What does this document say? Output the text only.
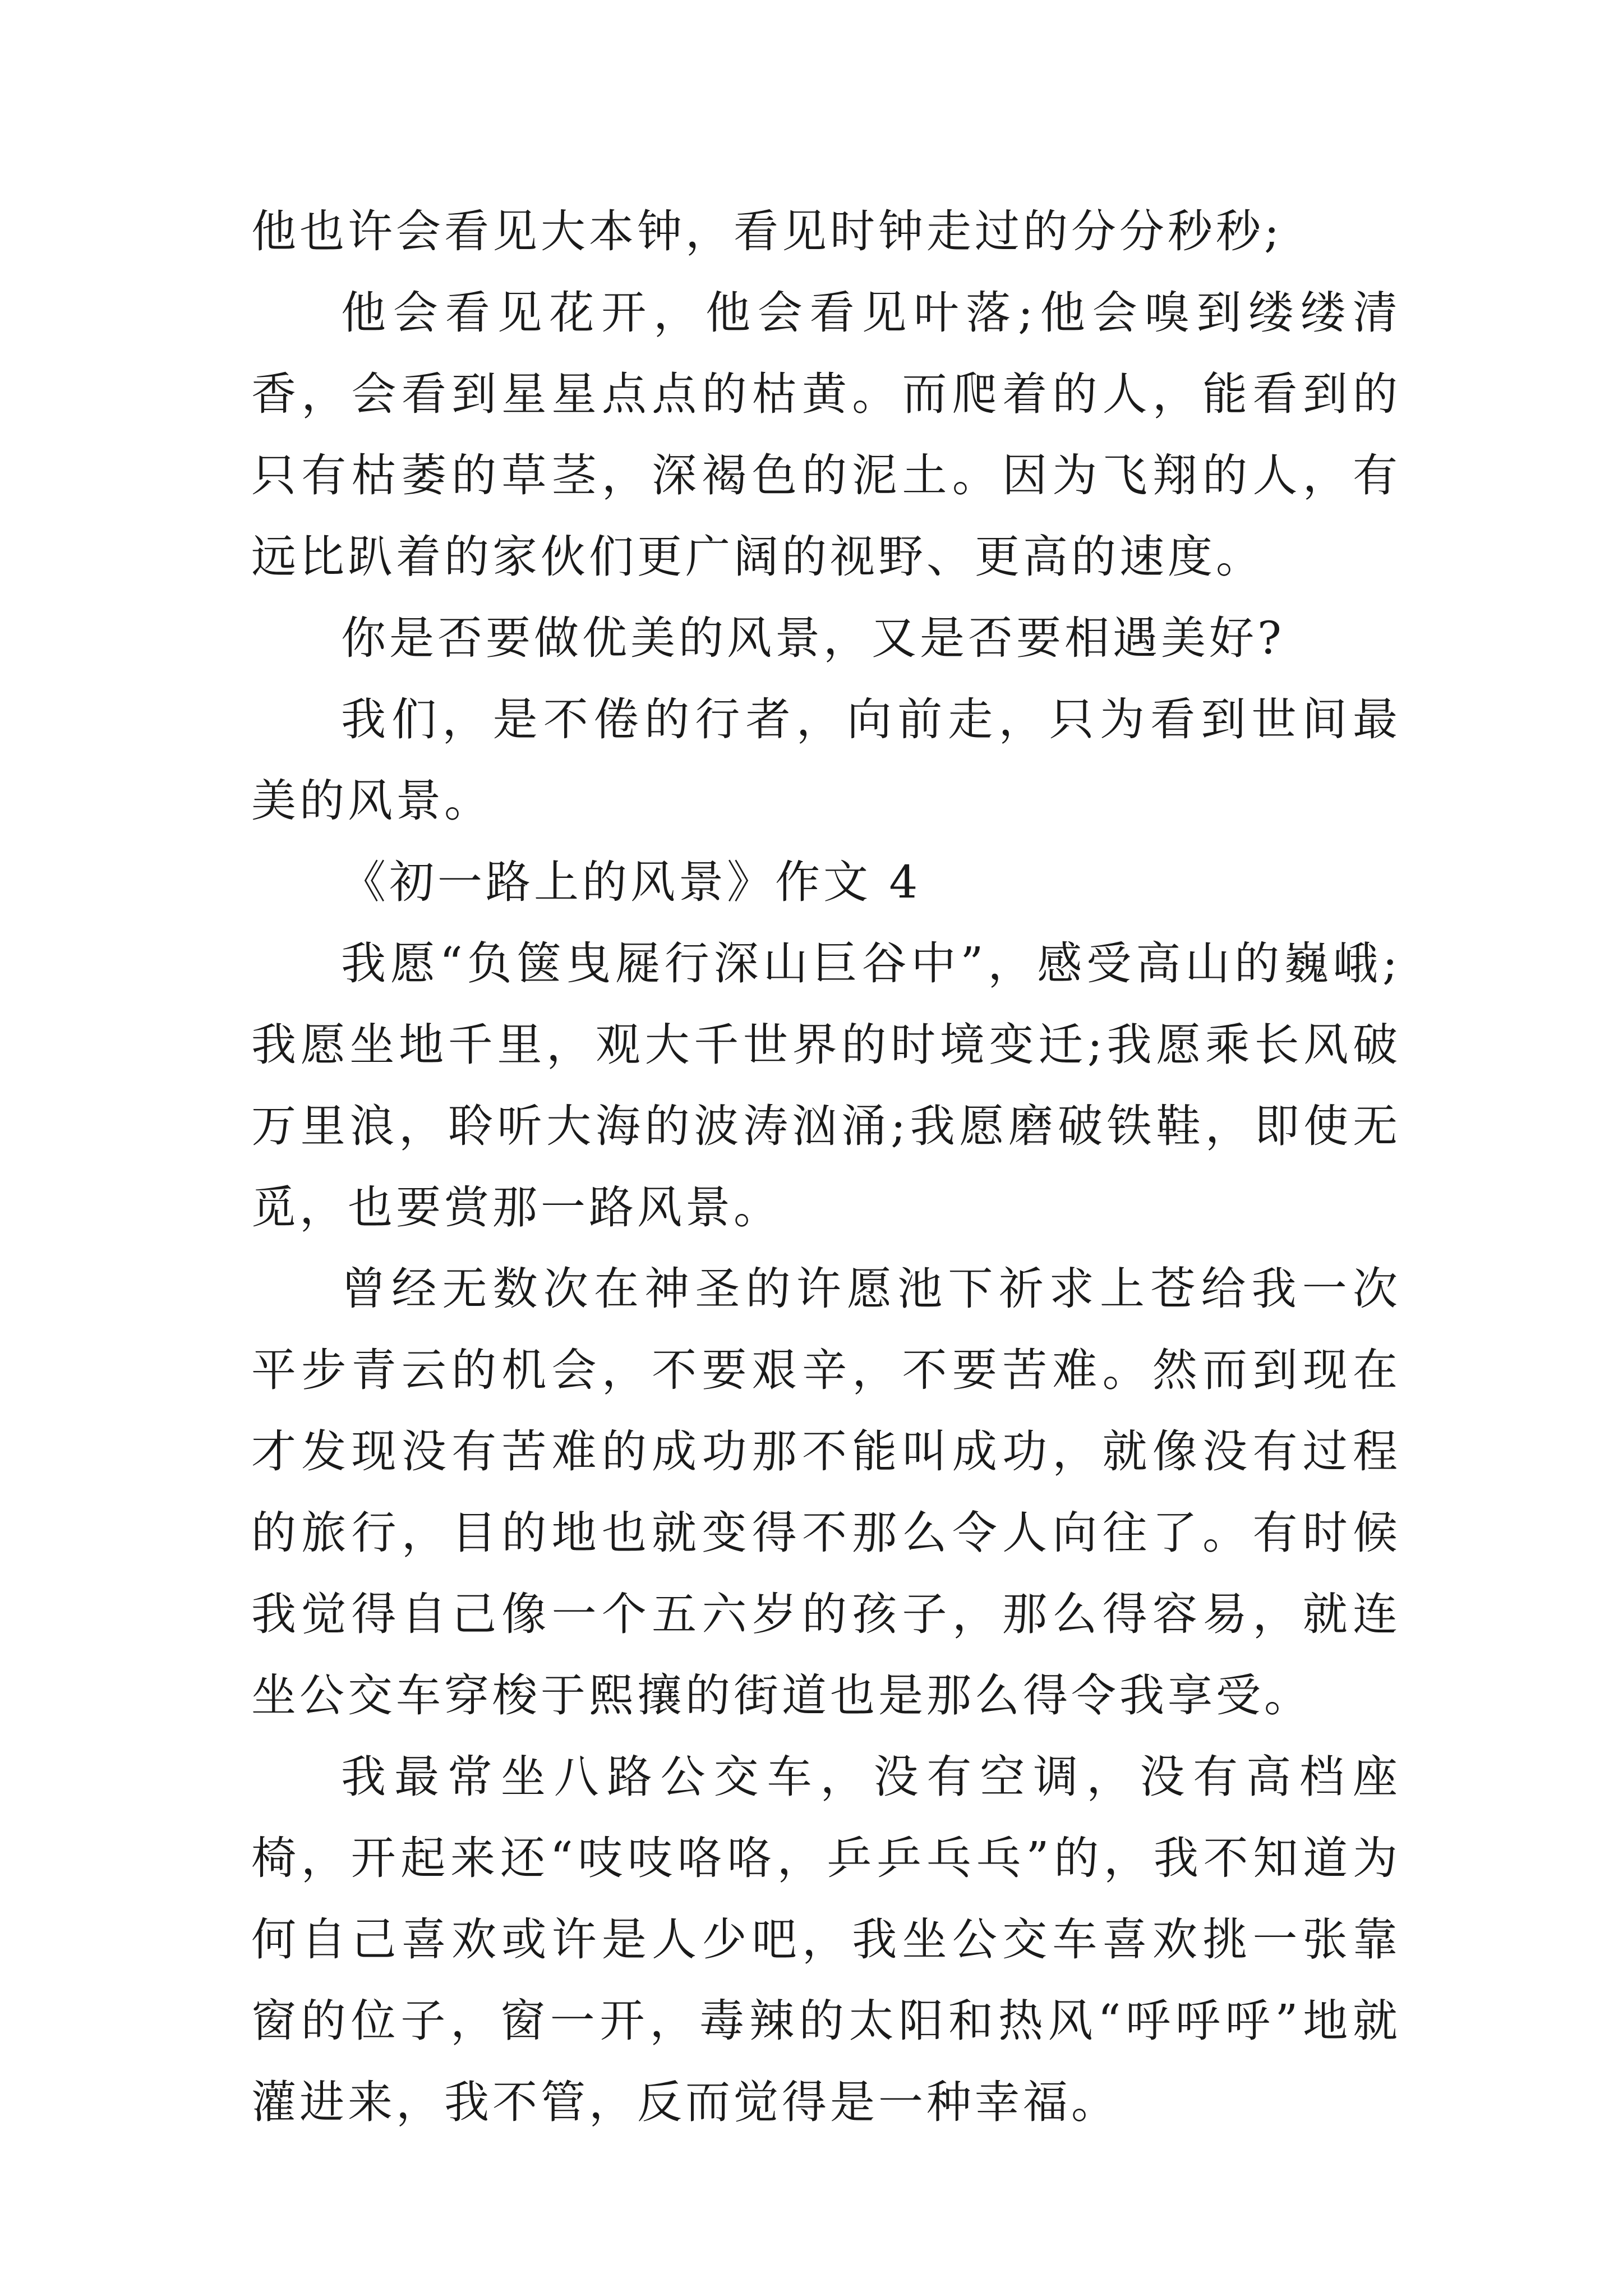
他也许会看见大本钟，看见时钟走过的分分秒秒;

他会看见花开，他会看见叶落;他会嗅到缕缕清香，会看到星星点点的枯黄。而爬着的人，能看到的只有枯萎的草茎，深褐色的泥土。因为飞翔的人，有远比趴着的家伙们更广阔的视野、更高的速度。

你是否要做优美的风景，又是否要相遇美好?

我们，是不倦的行者，向前走，只为看到世间最美的风景。

《初一路上的风景》作文 4

我愿“负箧曳屣行深山巨谷中”，感受高山的巍峨;我愿坐地千里，观大千世界的时境变迁;我愿乘长风破万里浪，聆听大海的波涛汹涌;我愿磨破铁鞋，即使无觅，也要赏那一路风景。

曾经无数次在神圣的许愿池下祈求上苍给我一次平步青云的机会，不要艰辛，不要苦难。然而到现在才发现没有苦难的成功那不能叫成功，就像没有过程的旅行，目的地也就变得不那么令人向往了。有时候我觉得自己像一个五六岁的孩子，那么得容易，就连坐公交车穿梭于熙攘的街道也是那么得令我享受。

我最常坐八路公交车，没有空调，没有高档座椅，开起来还“吱吱咯咯，乒乒乓乓”的，我不知道为何自己喜欢或许是人少吧，我坐公交车喜欢挑一张靠窗的位子，窗一开，毒辣的太阳和热风“呼呼呼”地就灌进来，我不管，反而觉得是一种幸福。
